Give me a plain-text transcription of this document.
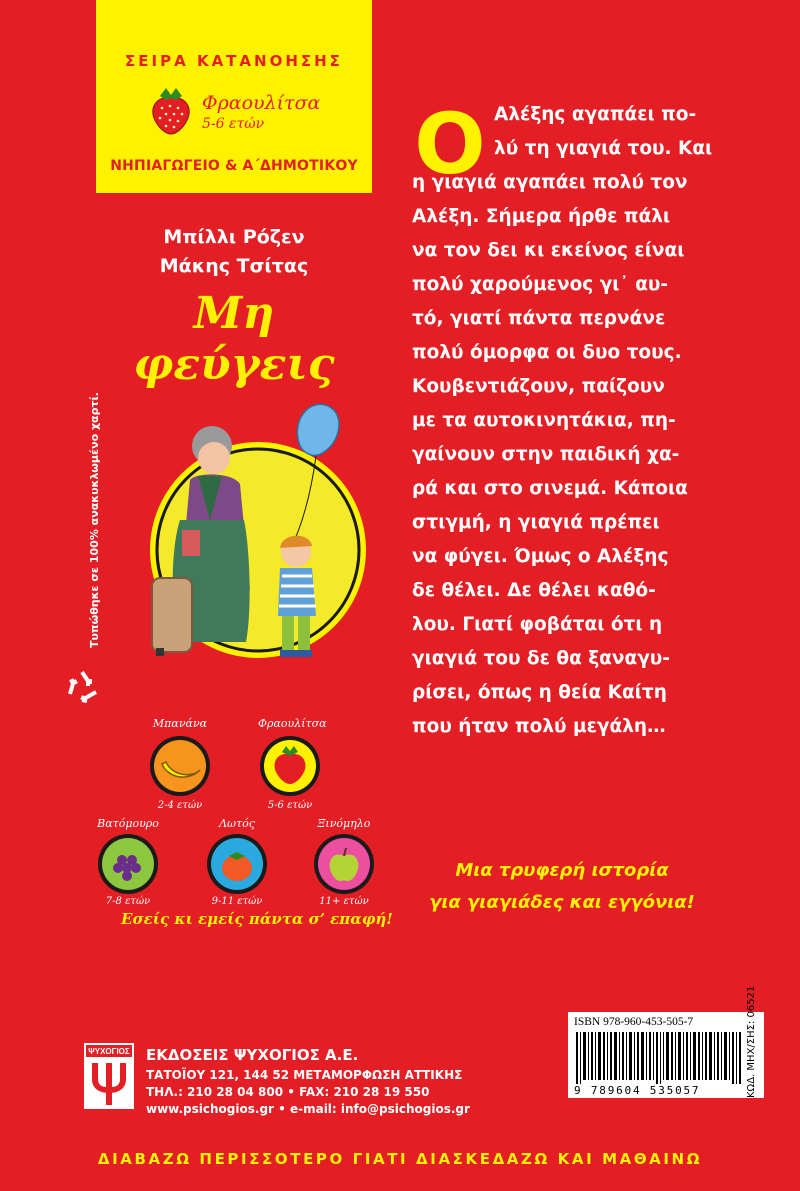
ΣΕΙΡΑ ΚΑΤΑΝΟΗΣΗΣ
Φραουλίτσα
5-6 ετών
ΝΗΠΙΑΓΩΓΕΙΟ & Α΄ΔΗΜΟΤΙΚΟΥ
Μπίλλι Ρόζεν
Μάκης Τσίτας
Μη φεύγεις
Τυπώθηκε σε 100% ανακυκλωμένο χαρτί.
Μπανάνα
2-4 ετών
Φραουλίτσα
5-6 ετών
Βατόμουρο
7-8 ετών
Λωτός
9-11 ετών
Ξινόμηλο
11+ ετών
Εσείς κι εμείς πάντα σ’ επαφή!
Ο Αλέξης αγαπάει πο-
λύ τη γιαγιά του. Και
η γιαγιά αγαπάει πολύ τον
Αλέξη. Σήμερα ήρθε πάλι
να τον δει κι εκείνος είναι
πολύ χαρούμενος γι᾽ αυ-
τό, γιατί πάντα περνάνε
πολύ όμορφα οι δυο τους.
Κουβεντιάζουν, παίζουν
με τα αυτοκινητάκια, πη-
γαίνουν στην παιδική χα-
ρά και στο σινεμά. Κάποια
στιγμή, η γιαγιά πρέπει
να φύγει. Όμως ο Αλέξης
δε θέλει. Δε θέλει καθό-
λου. Γιατί φοβάται ότι η
γιαγιά του δε θα ξαναγυ-
ρίσει, όπως η θεία Καίτη
που ήταν πολύ μεγάλη…
Μια τρυφερή ιστορία
για γιαγιάδες και εγγόνια!
ISBN 978-960-453-505-7
9 789604 535057	ΚΩΔ. ΜΗΧ/ΣΗΣ: 06521
ΨΥΧΟΓΙΟΣ ΕΚΔΟΣΕΙΣ ΨΥΧΟΓΙΟΣ Α.Ε.
ΤΑΤΟΪΟΥ 121, 144 52 ΜΕΤΑΜΟΡΦΩΣΗ ΑΤΤΙΚΗΣ
ΤΗΛ.: 210 28 04 800 • FAX: 210 28 19 550
www.psichogios.gr • e-mail: info@psichogios.gr
ΔΙΑΒΑΖΩ ΠΕΡΙΣΣΟΤΕΡΟ ΓΙΑΤΙ ΔΙΑΣΚΕΔΑΖΩ ΚΑΙ ΜΑΘΑΙΝΩ
